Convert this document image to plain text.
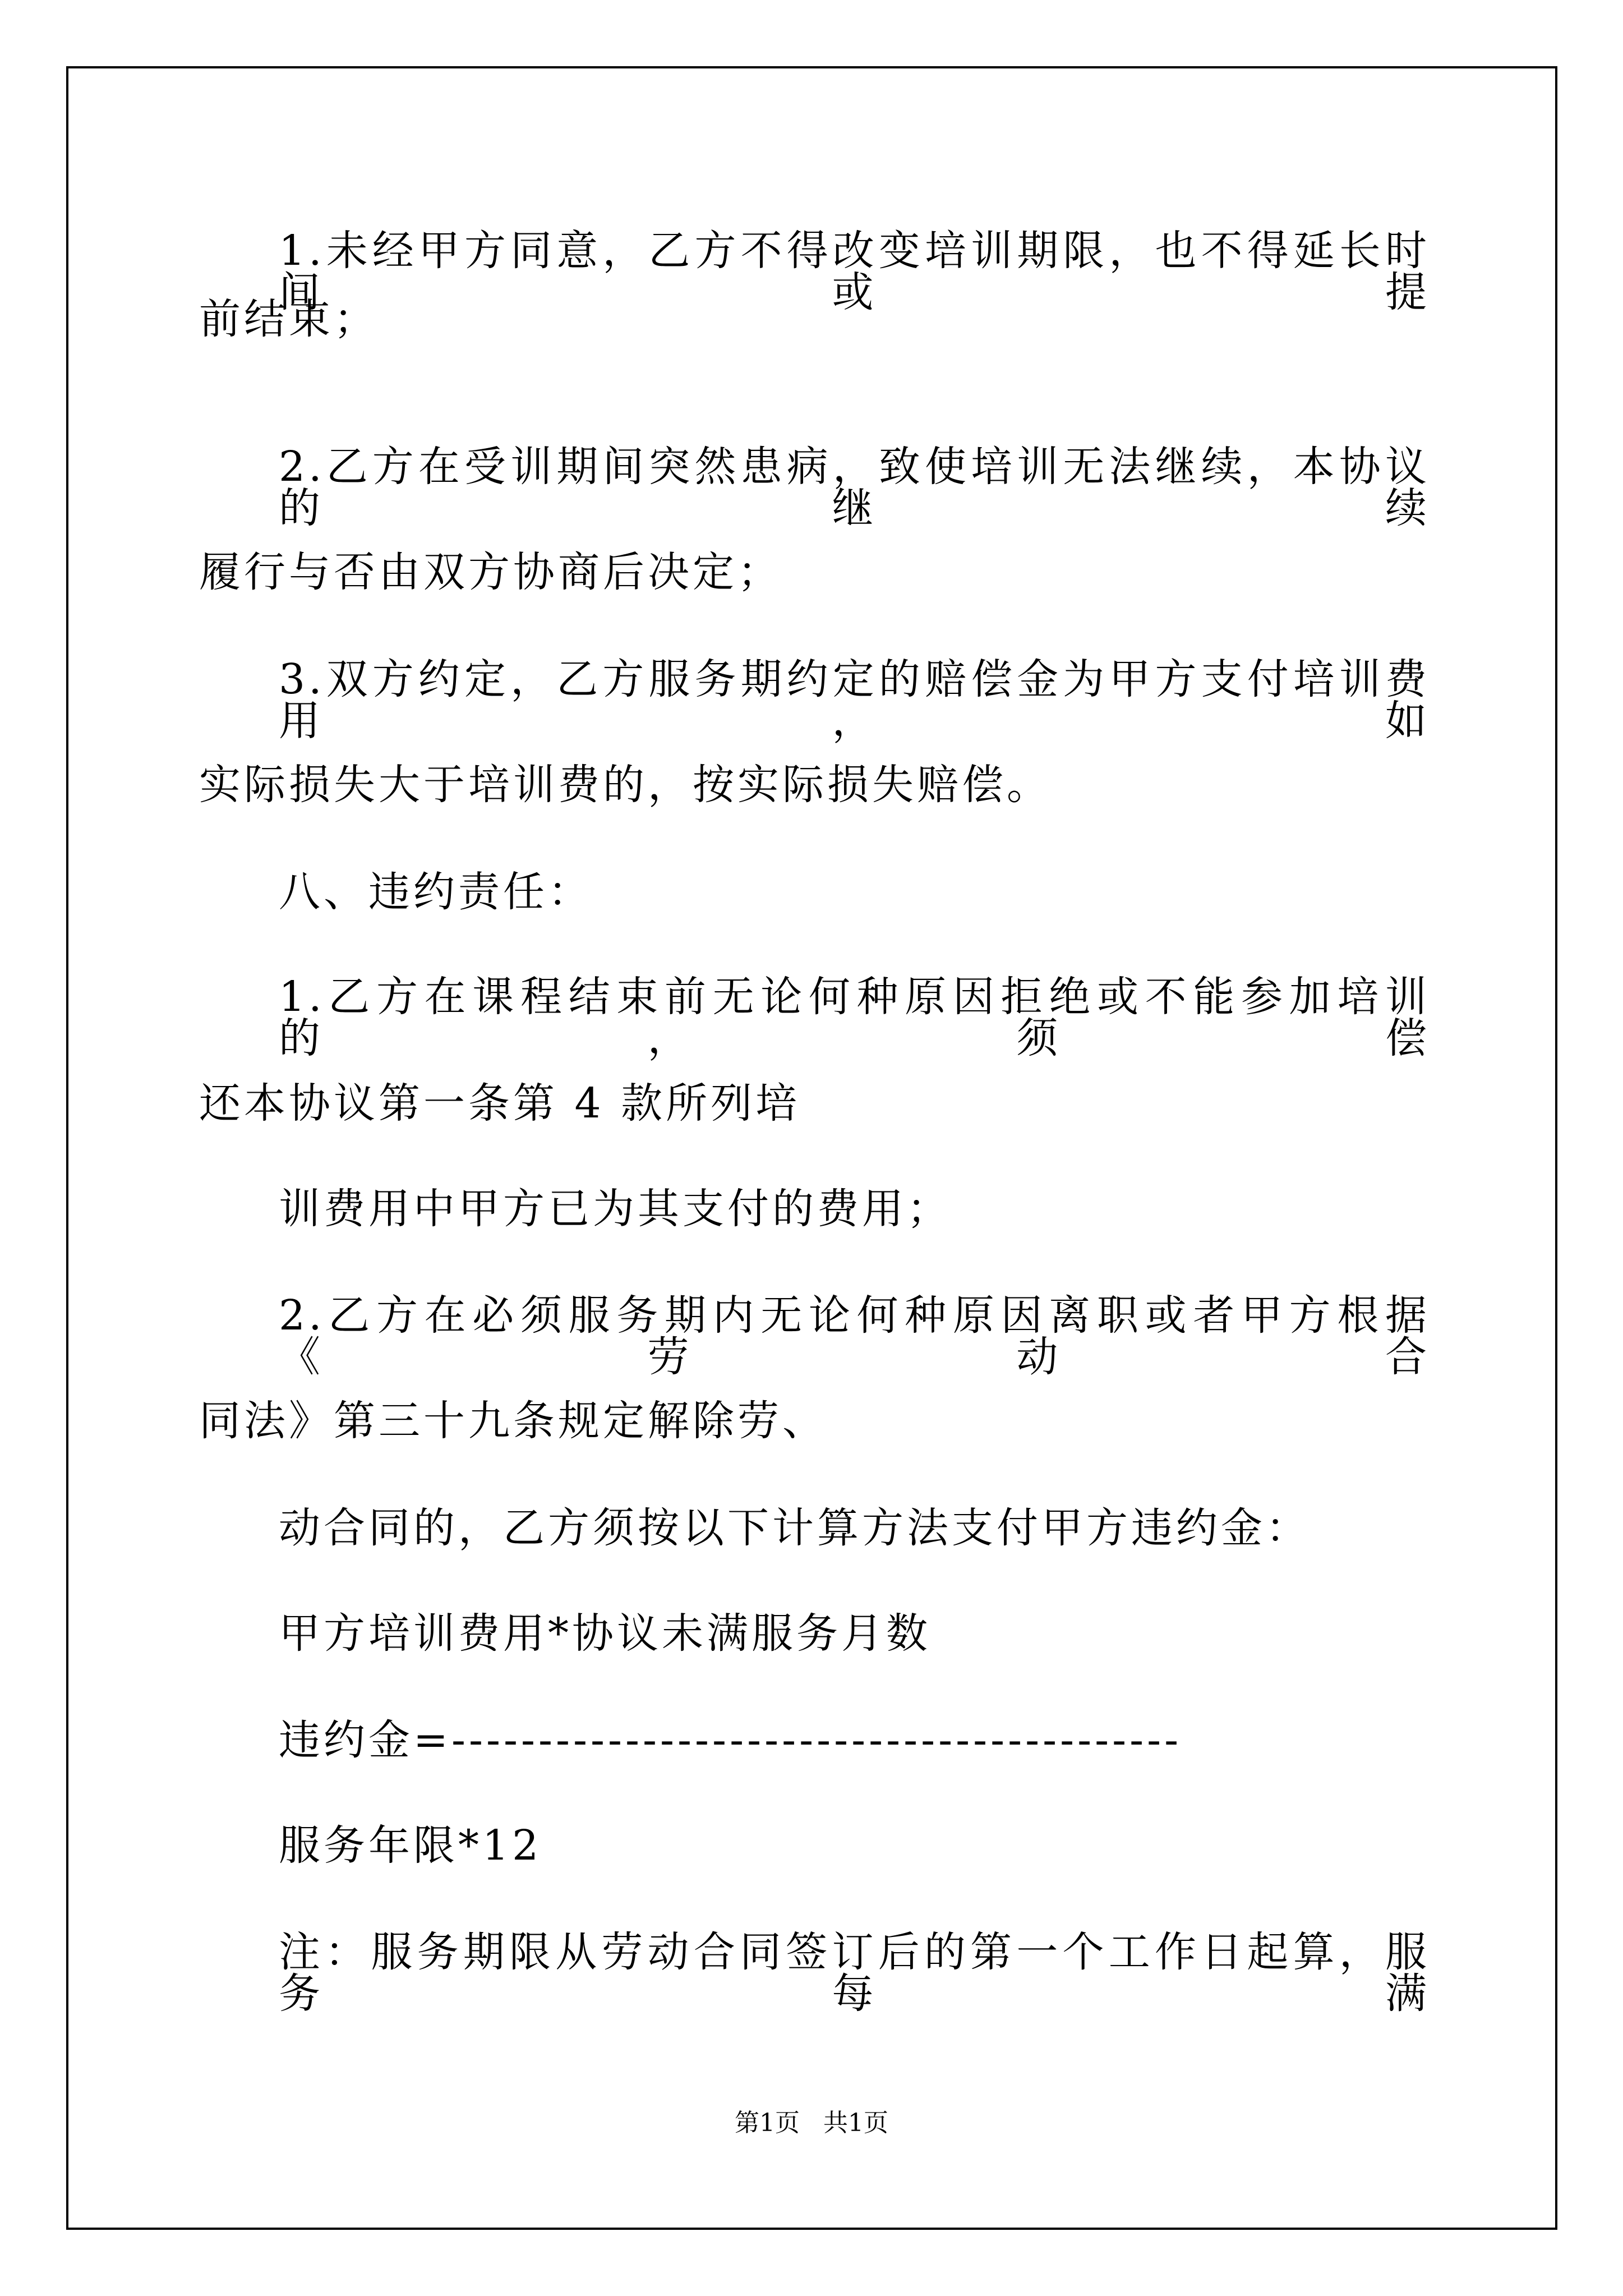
1.未经甲方同意，乙方不得改变培训期限，也不得延长时间或提
前结束；
2.乙方在受训期间突然患病，致使培训无法继续，本协议的继续
履行与否由双方协商后决定；
3.双方约定，乙方服务期约定的赔偿金为甲方支付培训费用，如
实际损失大于培训费的，按实际损失赔偿。
八、违约责任：
1.乙方在课程结束前无论何种原因拒绝或不能参加培训的，须偿
还本协议第一条第 4 款所列培
训费用中甲方已为其支付的费用；
2.乙方在必须服务期内无论何种原因离职或者甲方根据《劳动合
同法》第三十九条规定解除劳、
动合同的，乙方须按以下计算方法支付甲方违约金：
甲方培训费用*协议未满服务月数
违约金=------------------------------------------
服务年限*12
注：服务期限从劳动合同签订后的第一个工作日起算，服务每满
第1页   共1页
